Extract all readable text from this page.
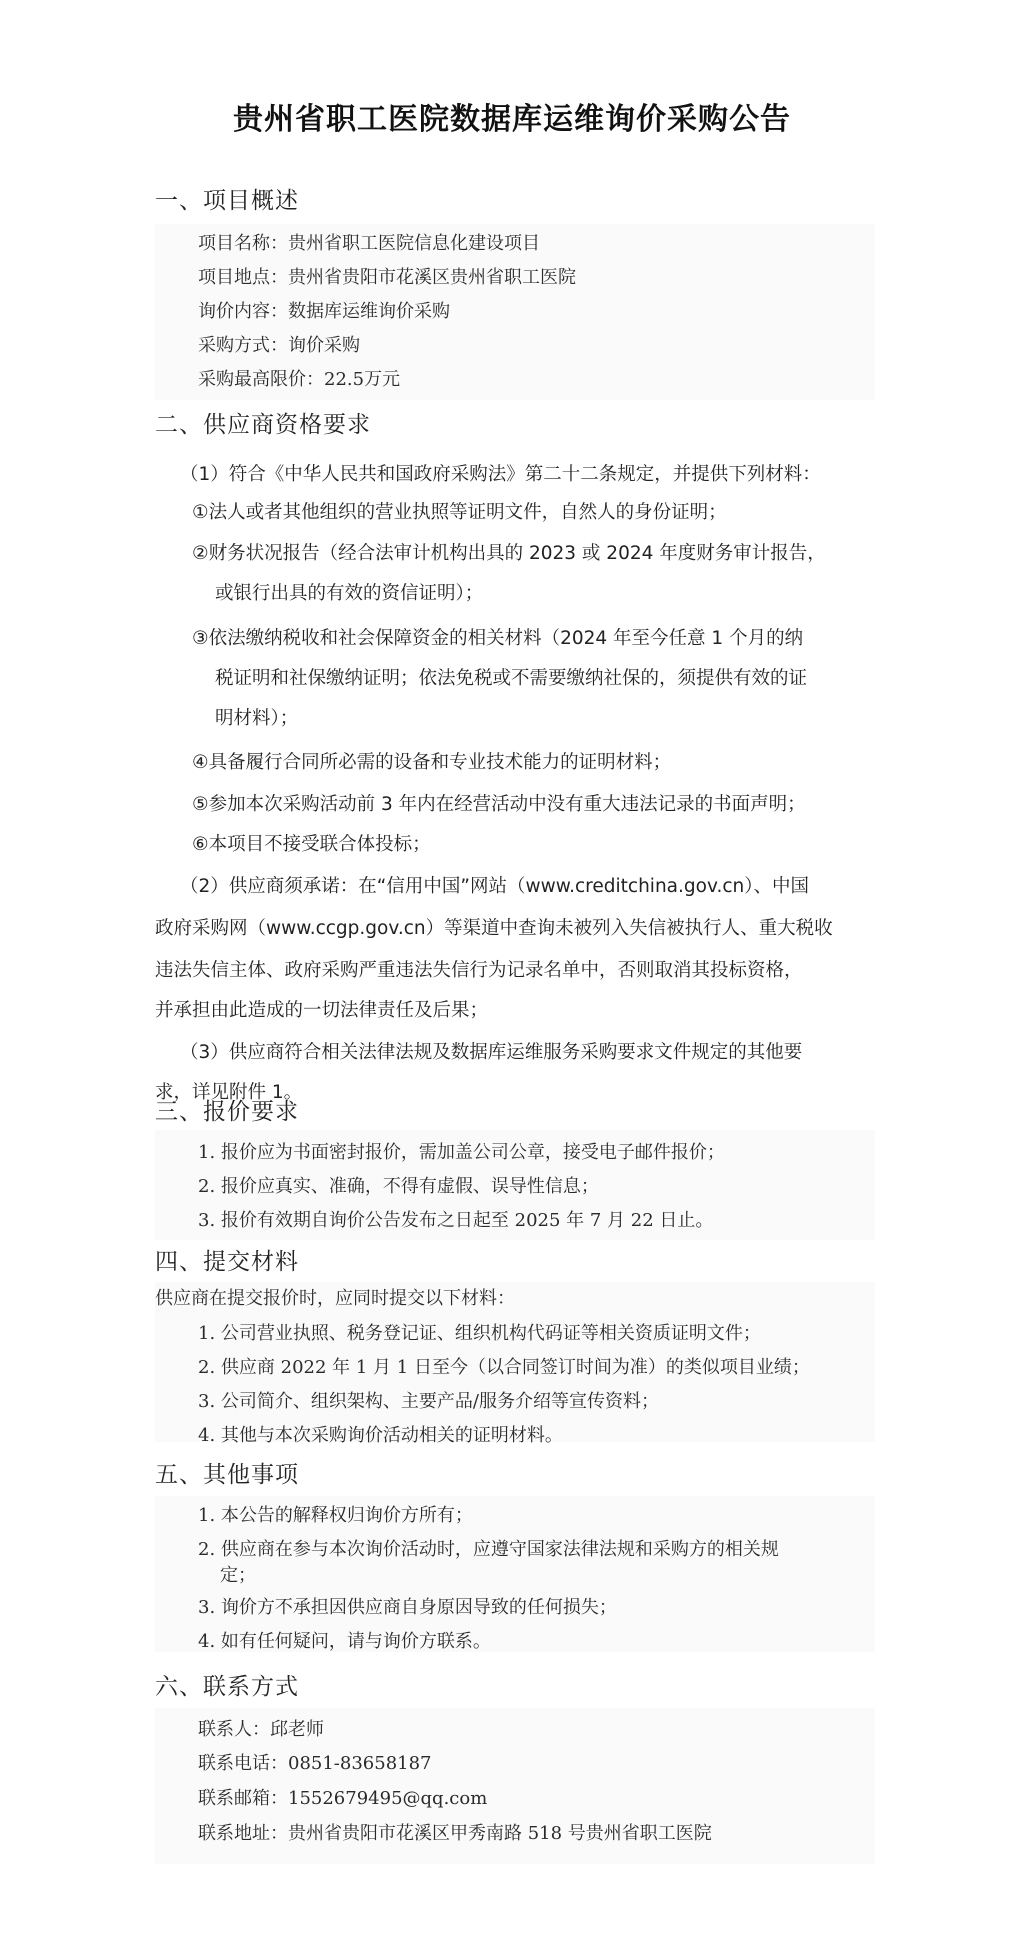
贵州省职工医院数据库运维询价采购公告
一、项目概述
项目名称：贵州省职工医院信息化建设项目
项目地点：贵州省贵阳市花溪区贵州省职工医院
询价内容：数据库运维询价采购
采购方式：询价采购
采购最高限价：22.5万元
二、供应商资格要求
（1）符合《中华人民共和国政府采购法》第二十二条规定，并提供下列材料：
①法人或者其他组织的营业执照等证明文件，自然人的身份证明；
②财务状况报告（经合法审计机构出具的 2023 或 2024 年度财务审计报告，
或银行出具的有效的资信证明）；
③依法缴纳税收和社会保障资金的相关材料（2024 年至今任意 1 个月的纳
税证明和社保缴纳证明；依法免税或不需要缴纳社保的，须提供有效的证
明材料）；
④具备履行合同所必需的设备和专业技术能力的证明材料；
⑤参加本次采购活动前 3 年内在经营活动中没有重大违法记录的书面声明；
⑥本项目不接受联合体投标；
（2）供应商须承诺：在“信用中国”网站（www.creditchina.gov.cn）、中国
政府采购网（www.ccgp.gov.cn）等渠道中查询未被列入失信被执行人、重大税收
违法失信主体、政府采购严重违法失信行为记录名单中，否则取消其投标资格，
并承担由此造成的一切法律责任及后果；
（3）供应商符合相关法律法规及数据库运维服务采购要求文件规定的其他要
求，详见附件 1。
三、报价要求
1. 报价应为书面密封报价，需加盖公司公章，接受电子邮件报价；
2. 报价应真实、准确，不得有虚假、误导性信息；
3. 报价有效期自询价公告发布之日起至 2025 年 7 月 22 日止。
四、提交材料
供应商在提交报价时，应同时提交以下材料：
1. 公司营业执照、税务登记证、组织机构代码证等相关资质证明文件；
2. 供应商 2022 年 1 月 1 日至今（以合同签订时间为准）的类似项目业绩；
3. 公司简介、组织架构、主要产品/服务介绍等宣传资料；
4. 其他与本次采购询价活动相关的证明材料。
五、其他事项
1. 本公告的解释权归询价方所有；
2. 供应商在参与本次询价活动时，应遵守国家法律法规和采购方的相关规
定；
3. 询价方不承担因供应商自身原因导致的任何损失；
4. 如有任何疑问，请与询价方联系。
六、联系方式
联系人：邱老师
联系电话：0851-83658187
联系邮箱：1552679495@qq.com
联系地址：贵州省贵阳市花溪区甲秀南路 518 号贵州省职工医院
